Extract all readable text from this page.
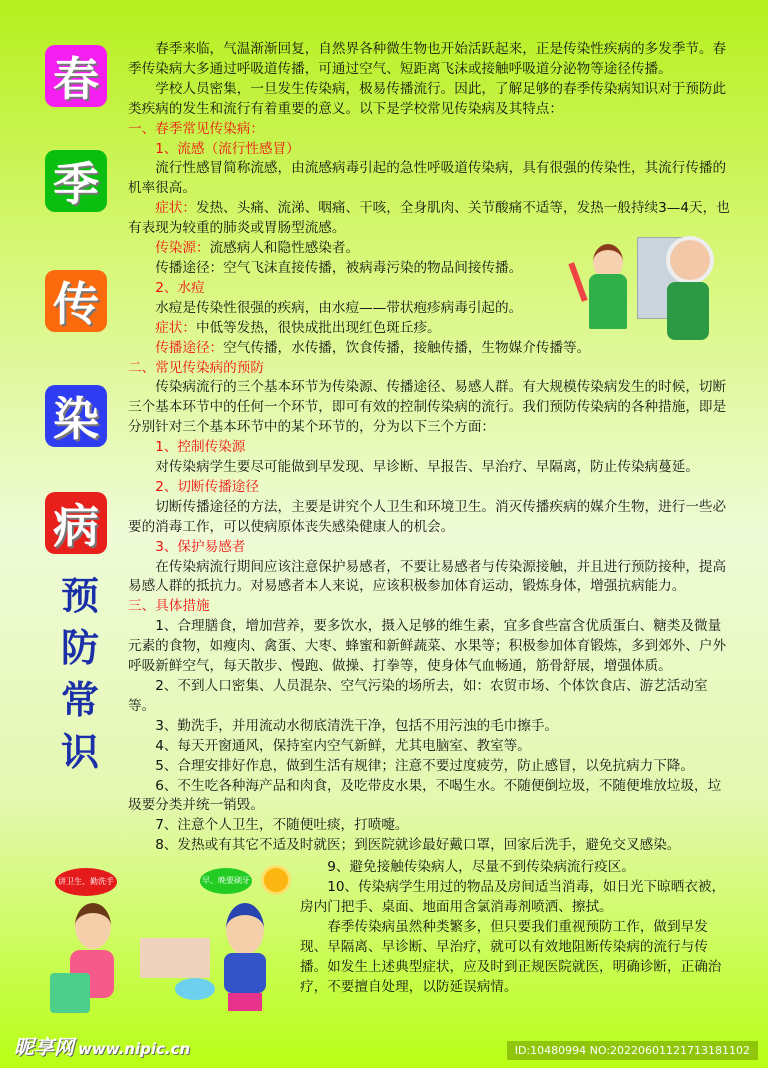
春
季
传
染
病
预
防
常
识

春季来临，气温渐渐回复，自然界各种微生物也开始活跃起来，正是传染性疾病的多发季节。春季传染病大多通过呼吸道传播，可通过空气、短距离飞沫或接触呼吸道分泌物等途径传播。

学校人员密集，一旦发生传染病，极易传播流行。因此，了解足够的春季传染病知识对于预防此类疾病的发生和流行有着重要的意义。以下是学校常见传染病及其特点：

一、春季常见传染病：

1、流感（流行性感冒）

流行性感冒简称流感，由流感病毒引起的急性呼吸道传染病，具有很强的传染性，其流行传播的机率很高。

症状：发热、头痛、流涕、咽痛、干咳，全身肌肉、关节酸痛不适等，发热一般持续3—4天，也有表现为较重的肺炎或胃肠型流感。

传染源：流感病人和隐性感染者。

传播途径：空气飞沫直接传播，被病毒污染的物品间接传播。

2、水痘

水痘是传染性很强的疾病，由水痘——带状疱疹病毒引起的。

症状：中低等发热，很快成批出现红色斑丘疹。

传播途径：空气传播，水传播，饮食传播，接触传播，生物媒介传播等。

二、常见传染病的预防

传染病流行的三个基本环节为传染源、传播途径、易感人群。有大规模传染病发生的时候，切断三个基本环节中的任何一个环节，即可有效的控制传染病的流行。我们预防传染病的各种措施，即是分别针对三个基本环节中的某个环节的，分为以下三个方面：

1、控制传染源

对传染病学生要尽可能做到早发现、早诊断、早报告、早治疗、早隔离，防止传染病蔓延。

2、切断传播途径

切断传播途径的方法，主要是讲究个人卫生和环境卫生。消灭传播疾病的媒介生物，进行一些必要的消毒工作，可以使病原体丧失感染健康人的机会。

3、保护易感者

在传染病流行期间应该注意保护易感者，不要让易感者与传染源接触，并且进行预防接种，提高易感人群的抵抗力。对易感者本人来说，应该积极参加体育运动，锻炼身体，增强抗病能力。

三、具体措施

1、合理膳食，增加营养，要多饮水，摄入足够的维生素，宜多食些富含优质蛋白、糖类及微量元素的食物，如瘦肉、禽蛋、大枣、蜂蜜和新鲜蔬菜、水果等；积极参加体育锻炼，多到郊外、户外呼吸新鲜空气，每天散步、慢跑、做操、打拳等，使身体气血畅通，筋骨舒展，增强体质。

2、不到人口密集、人员混杂、空气污染的场所去，如：农贸市场、个体饮食店、游艺活动室等。

3、勤洗手，并用流动水彻底清洗干净，包括不用污浊的毛巾擦手。

4、每天开窗通风，保持室内空气新鲜，尤其电脑室、教室等。

5、合理安排好作息，做到生活有规律；注意不要过度疲劳，防止感冒，以免抗病力下降。

6、不生吃各种海产品和肉食，及吃带皮水果，不喝生水。不随便倒垃圾，不随便堆放垃圾，垃圾要分类并统一销毁。

7、注意个人卫生，不随便吐痰，打喷嚏。

8、发热或有其它不适及时就医；到医院就诊最好戴口罩，回家后洗手，避免交叉感染。

讲卫生、勤洗手	早、晚要刷牙

9、避免接触传染病人，尽量不到传染病流行疫区。

10、传染病学生用过的物品及房间适当消毒，如日光下晾晒衣被，房内门把手、桌面、地面用含氯消毒剂喷洒、擦拭。

春季传染病虽然种类繁多，但只要我们重视预防工作，做到早发现、早隔离、早诊断、早治疗，就可以有效地阻断传染病的流行与传播。如发生上述典型症状，应及时到正规医院就医，明确诊断，正确治疗，不要擅自处理，以防延误病情。

昵享网 www.nipic.cn	ID:10480994 NO:20220601121713181102
